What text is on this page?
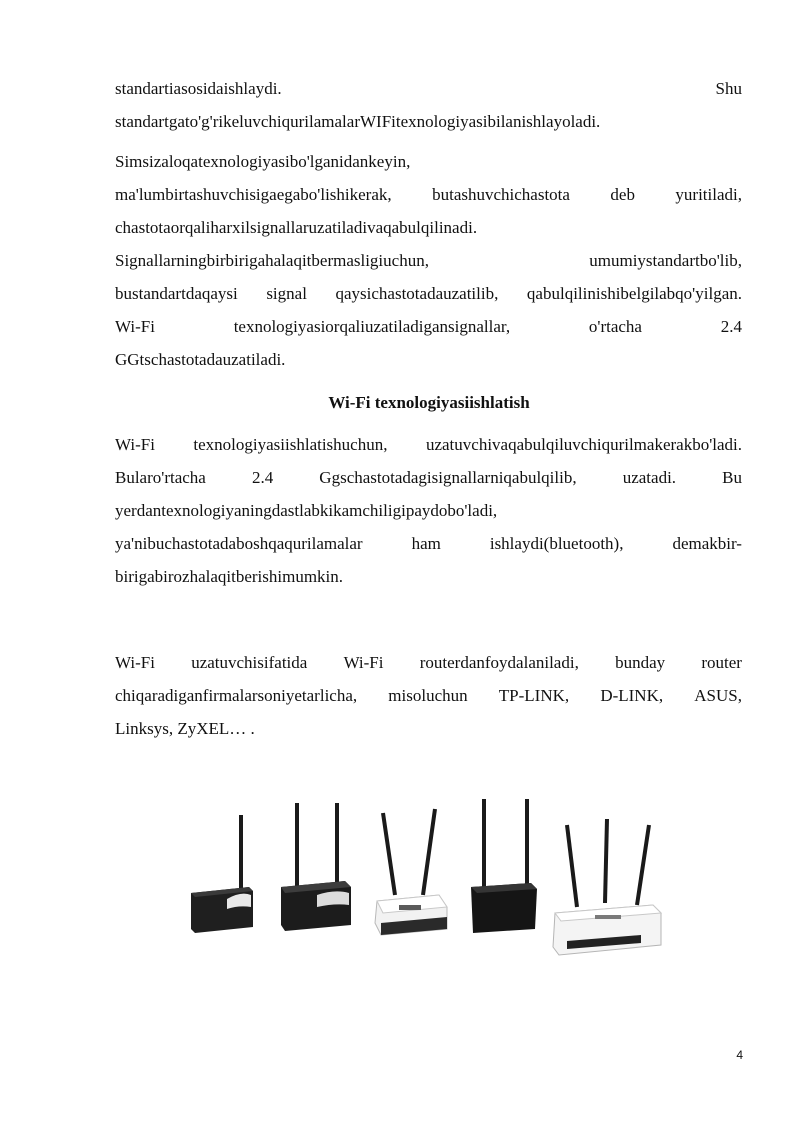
standartiasosidaishlaydi.	Shu
standartgato'g'rikeluvchiqurilamalarWIFitexnologiyasibilanishlayoladi.
Simsizaloqatexnologiyasibo'lganidankeyin,
ma'lumbirtashuvchisigaegabo'lishikerak, butashuvchichastota deb yuritiladi,
chastotaorqaliharxilsignallaruzatiladivaqabulqilinadi.
Signallarningbirbirigahalaqitbermasligiuchun,	umumiystandartbo'lib,
bustandartdaqaysi signal qaysichastotadauzatilib, qabulqilinishibelgilabqo'yilgan.
Wi-Fi	texnologiyasiorqaliuzatiladigansignallar,	o'rtacha	2.4
GGtschastotadauzatiladi.
Wi-Fi texnologiyasiishlatish
Wi-Fi texnologiyasiishlatishuchun, uzatuvchivaqabulqiluvchiqurilmakerakbo'ladi.
Bularo'rtacha	2.4	Ggschastotadagisignallarniqabulqilib,	uzatadi.	Bu
yerdantexnologiyaningdastlabkikamchiligipaydobo'ladi,
ya'nibuchastotadaboshqaqurilamalar	ham	ishlaydi(bluetooth),	demakbir-
birigabirozhalaqitberishimumkin.
Wi-Fi uzatuvchisifatida Wi-Fi routerdanfoydalaniladi, bunday router
chiqaradiganfirmalarsoniyetarlicha, misoluchun TP-LINK, D-LINK, ASUS,
Linksys, ZyXEL… .
4
